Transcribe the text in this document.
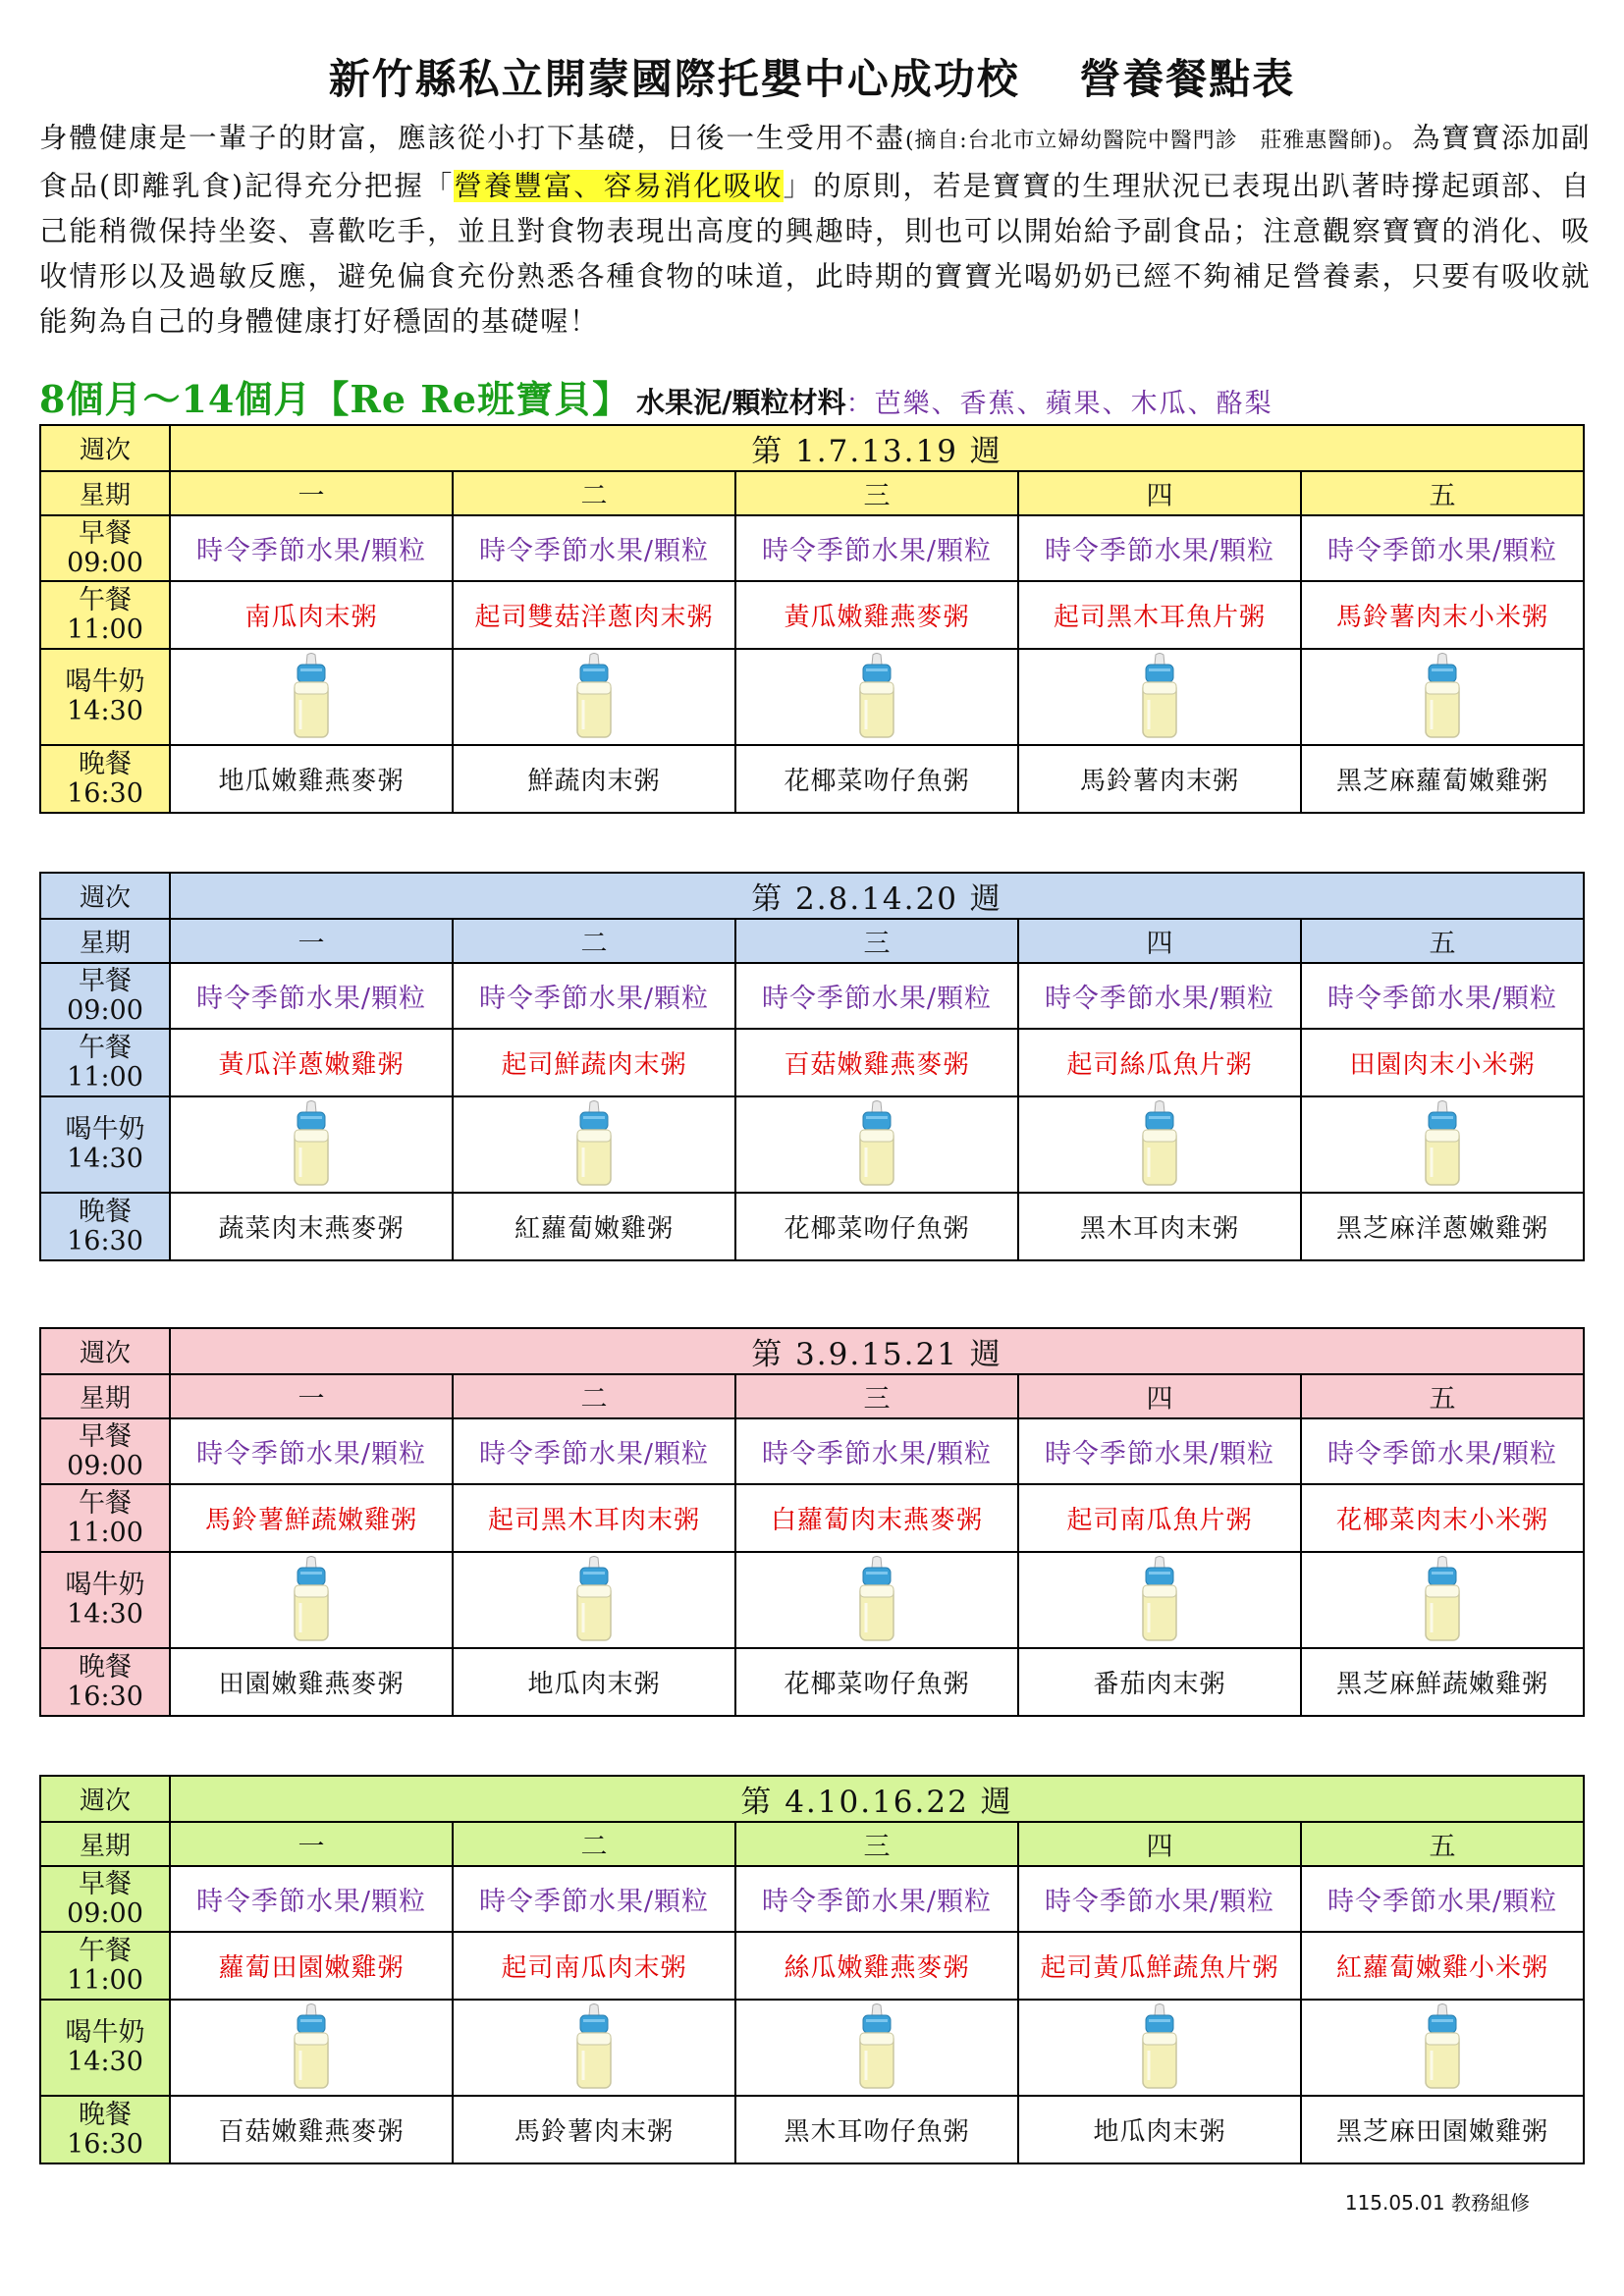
新竹縣私立開蒙國際托嬰中心成功校　 營養餐點表
身體健康是一輩子的財富，應該從小打下基礎，日後一生受用不盡(摘自:台北市立婦幼醫院中醫門診　莊雅惠醫師)。為寶寶添加副食品(即離乳食)記得充分把握「營養豐富、容易消化吸收」的原則，若是寶寶的生理狀況已表現出趴著時撐起頭部、自己能稍微保持坐姿、喜歡吃手，並且對食物表現出高度的興趣時，則也可以開始給予副食品；注意觀察寶寶的消化、吸收情形以及過敏反應，避免偏食充份熟悉各種食物的味道，此時期的寶寶光喝奶奶已經不夠補足營養素，只要有吸收就能夠為自己的身體健康打好穩固的基礎喔！
8個月～14個月【Re Re班寶貝】 水果泥/顆粒材料 ：芭樂、香蕉、蘋果、木瓜、酪梨
週次	第 1.7.13.19 週				
星期	一	二	三	四	五
早餐
09:00	時令季節水果/顆粒	時令季節水果/顆粒	時令季節水果/顆粒	時令季節水果/顆粒	時令季節水果/顆粒
午餐
11:00	南瓜肉末粥	起司雙菇洋蔥肉末粥	黃瓜嫩雞燕麥粥	起司黑木耳魚片粥	馬鈴薯肉末小米粥
喝牛奶
14:30	

晚餐
16:30	地瓜嫩雞燕麥粥	鮮蔬肉末粥	花椰菜吻仔魚粥	馬鈴薯肉末粥	黑芝麻蘿蔔嫩雞粥
週次	第 2.8.14.20 週				
星期	一	二	三	四	五
早餐
09:00	時令季節水果/顆粒	時令季節水果/顆粒	時令季節水果/顆粒	時令季節水果/顆粒	時令季節水果/顆粒
午餐
11:00	黃瓜洋蔥嫩雞粥	起司鮮蔬肉末粥	百菇嫩雞燕麥粥	起司絲瓜魚片粥	田園肉末小米粥
喝牛奶
14:30	

晚餐
16:30	蔬菜肉末燕麥粥	紅蘿蔔嫩雞粥	花椰菜吻仔魚粥	黑木耳肉末粥	黑芝麻洋蔥嫩雞粥
週次	第 3.9.15.21 週				
星期	一	二	三	四	五
早餐
09:00	時令季節水果/顆粒	時令季節水果/顆粒	時令季節水果/顆粒	時令季節水果/顆粒	時令季節水果/顆粒
午餐
11:00	馬鈴薯鮮蔬嫩雞粥	起司黑木耳肉末粥	白蘿蔔肉末燕麥粥	起司南瓜魚片粥	花椰菜肉末小米粥
喝牛奶
14:30	

晚餐
16:30	田園嫩雞燕麥粥	地瓜肉末粥	花椰菜吻仔魚粥	番茄肉末粥	黑芝麻鮮蔬嫩雞粥
週次	第 4.10.16.22 週				
星期	一	二	三	四	五
早餐
09:00	時令季節水果/顆粒	時令季節水果/顆粒	時令季節水果/顆粒	時令季節水果/顆粒	時令季節水果/顆粒
午餐
11:00	蘿蔔田園嫩雞粥	起司南瓜肉末粥	絲瓜嫩雞燕麥粥	起司黃瓜鮮蔬魚片粥	紅蘿蔔嫩雞小米粥
喝牛奶
14:30	

晚餐
16:30	百菇嫩雞燕麥粥	馬鈴薯肉末粥	黑木耳吻仔魚粥	地瓜肉末粥	黑芝麻田園嫩雞粥
115.05.01 教務組修
